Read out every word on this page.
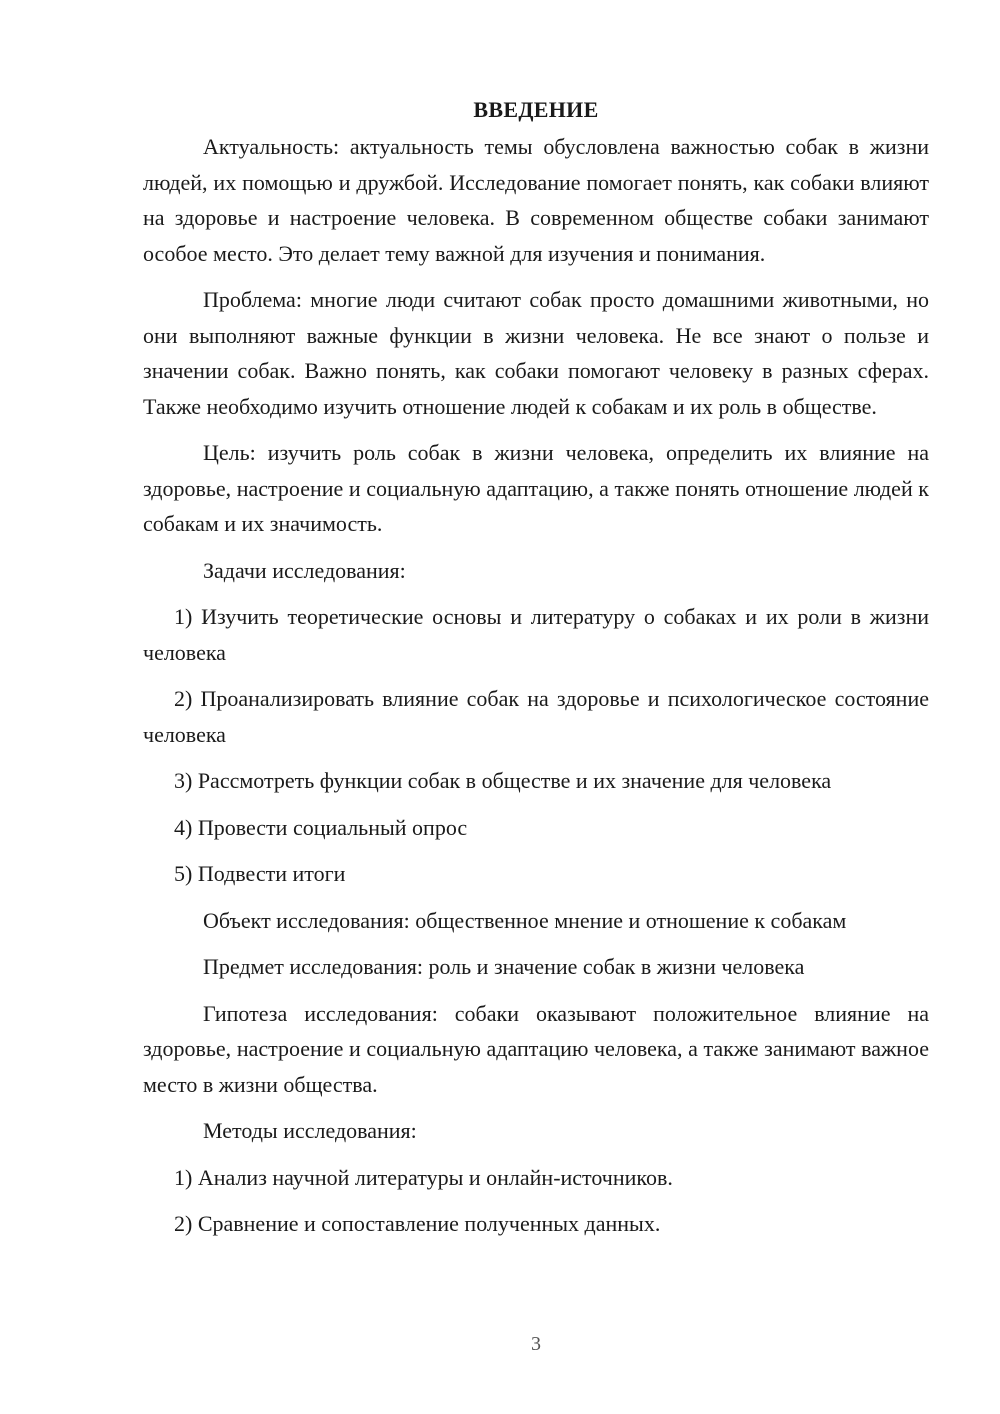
ВВЕДЕНИЕ

Актуальность: актуальность темы обусловлена важностью собак в жизни людей, их помощью и дружбой. Исследование помогает понять, как собаки влияют на здоровье и настроение человека. В современном обществе собаки занимают особое место. Это делает тему важной для изучения и понимания.

Проблема: многие люди считают собак просто домашними животными, но они выполняют важные функции в жизни человека. Не все знают о пользе и значении собак. Важно понять, как собаки помогают человеку в разных сферах. Также необходимо изучить отношение людей к собакам и их роль в обществе.

Цель: изучить роль собак в жизни человека, определить их влияние на здоровье, настроение и социальную адаптацию, а также понять отношение людей к собакам и их значимость.

Задачи исследования:

1) Изучить теоретические основы и литературу о собаках и их роли в жизни человека

2) Проанализировать влияние собак на здоровье и психологическое состояние человека

3) Рассмотреть функции собак в обществе и их значение для человека

4) Провести социальный опрос

5) Подвести итоги

Объект исследования: общественное мнение и отношение к собакам

Предмет исследования: роль и значение собак в жизни человека

Гипотеза исследования: собаки оказывают положительное влияние на здоровье, настроение и социальную адаптацию человека, а также занимают важное место в жизни общества.

Методы исследования:

1) Анализ научной литературы и онлайн-источников.

2) Сравнение и сопоставление полученных данных.

3
